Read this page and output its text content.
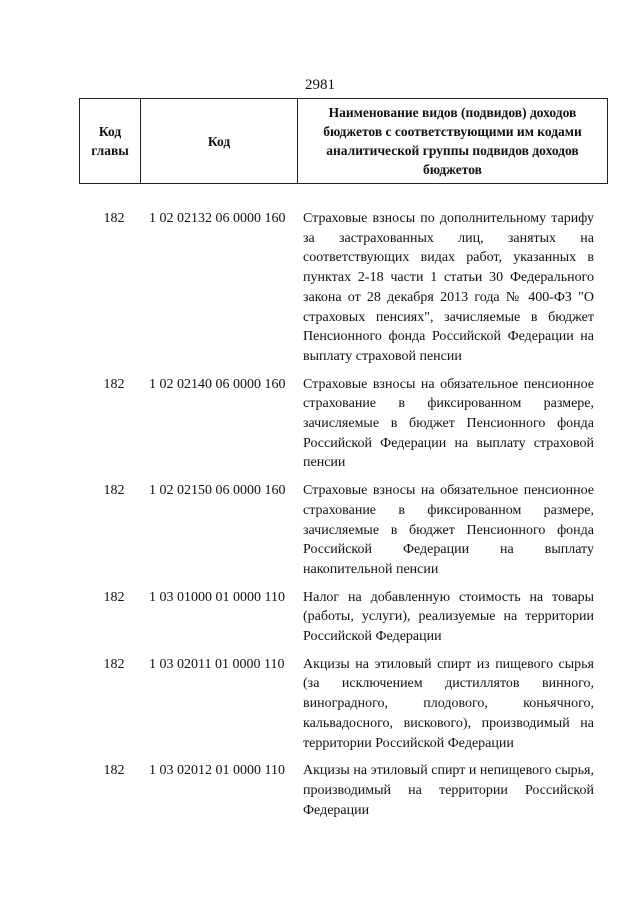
2981
Код главы	Код	Наименование видов (подвидов) доходов бюджетов с соответствующими им кодами аналитической группы подвидов доходов бюджетов
182	1 02 02132 06 0000 160	Страховые взносы по дополнительному тарифу за застрахованных лиц, занятых на соответствующих видах работ, указанных в пунктах 2-18 части 1 статьи 30 Федерального закона от 28 декабря 2013 года № 400-ФЗ "О страховых пенсиях", зачисляемые в бюджет Пенсионного фонда Российской Федерации на выплату страховой пенсии
182	1 02 02140 06 0000 160	Страховые взносы на обязательное пенсионное страхование в фиксированном размере, зачисляемые в бюджет Пенсионного фонда Российской Федерации на выплату страховой пенсии
182	1 02 02150 06 0000 160	Страховые взносы на обязательное пенсионное страхование в фиксированном размере, зачисляемые в бюджет Пенсионного фонда Российской Федерации на выплату накопительной пенсии
182	1 03 01000 01 0000 110	Налог на добавленную стоимость на товары (работы, услуги), реализуемые на территории Российской Федерации
182	1 03 02011 01 0000 110	Акцизы на этиловый спирт из пищевого сырья (за исключением дистиллятов винного, виноградного, плодового, коньячного, кальвадосного, вискового), производимый на территории Российской Федерации
182	1 03 02012 01 0000 110	Акцизы на этиловый спирт и непищевого сырья, производимый на территории Российской Федерации
